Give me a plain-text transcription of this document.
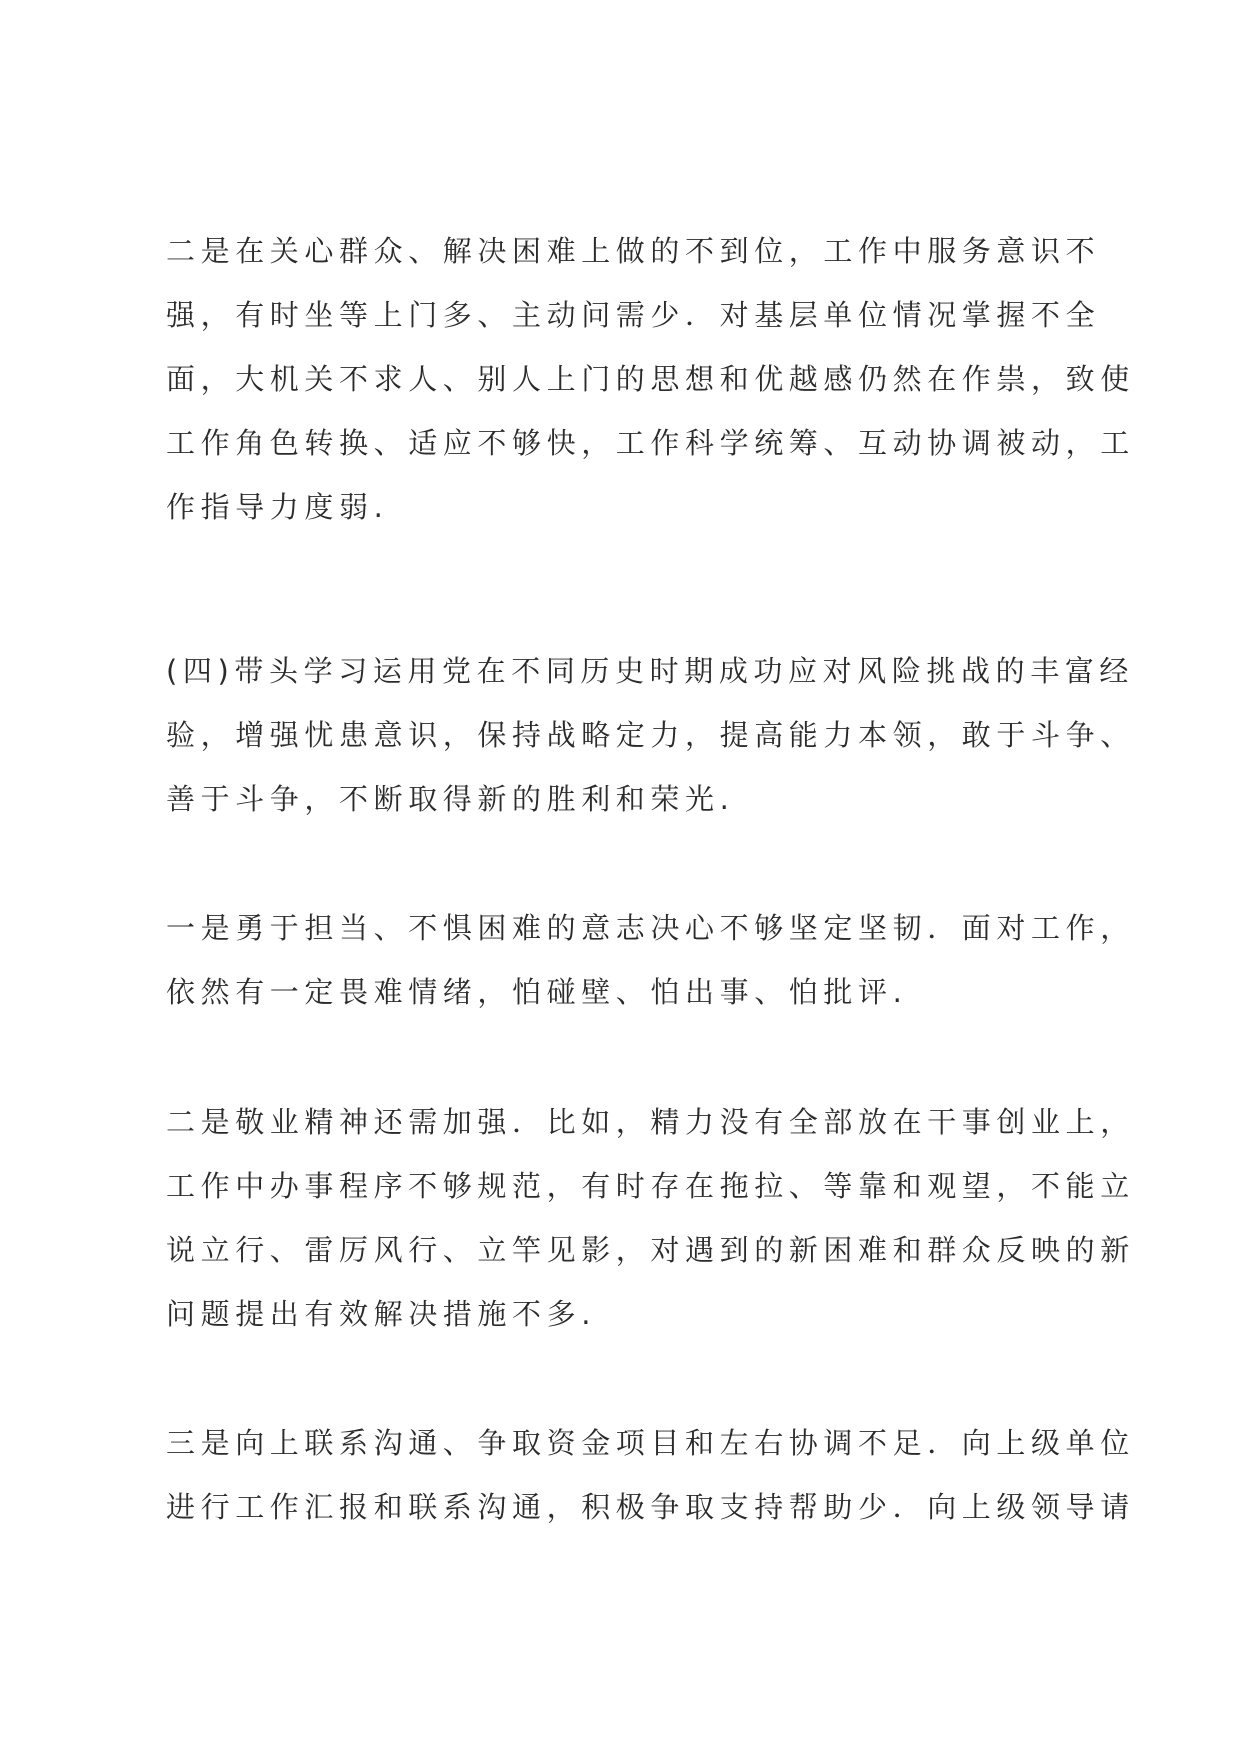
二是在关心群众、解决困难上做的不到位，工作中服务意识不
强，有时坐等上门多、主动问需少．对基层单位情况掌握不全
面，大机关不求人、别人上门的思想和优越感仍然在作祟，致使
工作角色转换、适应不够快，工作科学统筹、互动协调被动，工
作指导力度弱.
(四)带头学习运用党在不同历史时期成功应对风险挑战的丰富经
验，增强忧患意识，保持战略定力，提高能力本领，敢于斗争、
善于斗争，不断取得新的胜利和荣光.
一是勇于担当、不惧困难的意志决心不够坚定坚韧．面对工作，
依然有一定畏难情绪，怕碰壁、怕出事、怕批评.
二是敬业精神还需加强．比如，精力没有全部放在干事创业上，
工作中办事程序不够规范，有时存在拖拉、等靠和观望，不能立
说立行、雷厉风行、立竿见影，对遇到的新困难和群众反映的新
问题提出有效解决措施不多.
三是向上联系沟通、争取资金项目和左右协调不足．向上级单位
进行工作汇报和联系沟通，积极争取支持帮助少．向上级领导请
